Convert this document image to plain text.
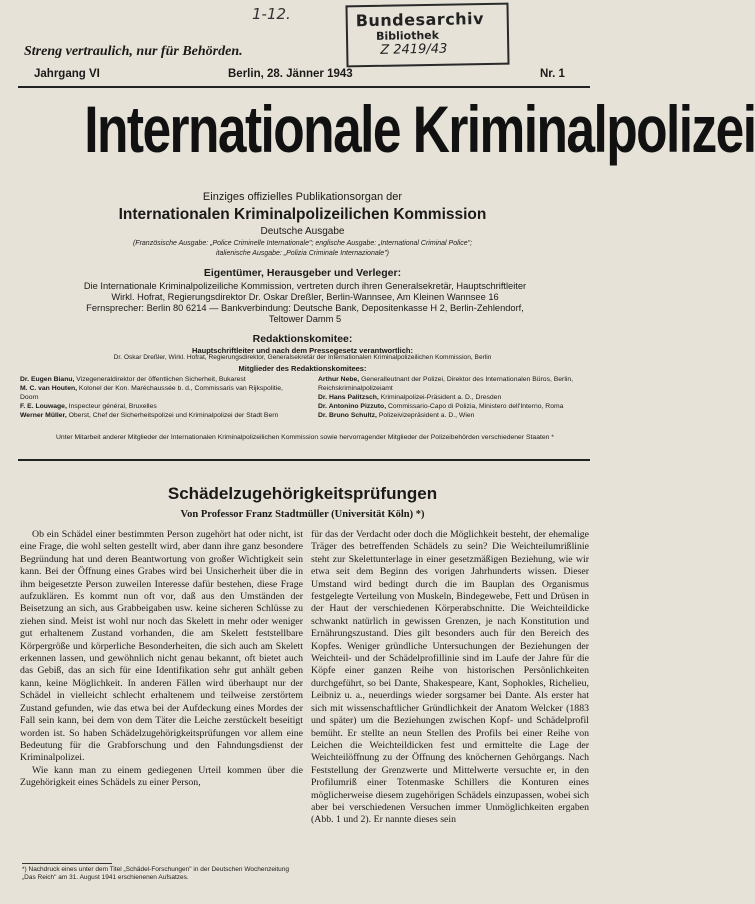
1-12.	Bundesarchiv
Bibliothek
Z 2419/43
Streng vertraulich, nur für Behörden.
Jahrgang VI	Berlin, 28. Jänner 1943	Nr. 1
Internationale Kriminalpolizei
Einziges offizielles Publikationsorgan der
Internationalen Kriminalpolizeilichen Kommission
Deutsche Ausgabe
(Französische Ausgabe: „Police Criminelle Internationale"; englische Ausgabe: „International Criminal Police";
italienische Ausgabe: „Polizia Criminale Internazionale")
Eigentümer, Herausgeber und Verleger:
Die Internationale Kriminalpolizeiliche Kommission, vertreten durch ihren Generalsekretär, Hauptschriftleiter
Wirkl. Hofrat, Regierungsdirektor Dr. Oskar Dreßler, Berlin-Wannsee, Am Kleinen Wannsee 16
Fernsprecher: Berlin 80 6214 — Bankverbindung: Deutsche Bank, Depositenkasse H 2, Berlin-Zehlendorf,
Teltower Damm 5
Redaktionskomitee:
Hauptschriftleiter und nach dem Pressegesetz verantwortlich:
Dr. Oskar Dreßler, Wirkl. Hofrat, Regierungsdirektor, Generalsekretär der Internationalen Kriminalpolizeilichen Kommission, Berlin
Mitglieder des Redaktionskomitees:
Dr. Eugen Bianu, Vizegeneraldirektor der öffentlichen Sicherheit, Bukarest
M. C. van Houten, Kolonel der Kon. Maréchaussée b. d., Commissaris van Rijkspolitie, Doorn
F. E. Louwage, Inspecteur général, Bruxelles
Werner Müller, Oberst, Chef der Sicherheitspolizei und Kriminalpolizei der Stadt Bern
Arthur Nebe, Generalleutnant der Polizei, Direktor des Internationalen Büros, Berlin, Reichskriminalpolizeiamt
Dr. Hans Palitzsch, Kriminalpolizei-Präsident a. D., Dresden
Dr. Antonino Pizzuto, Commissario-Capo di Polizia, Ministero dell'Interno, Roma
Dr. Bruno Schultz, Polizeivizepräsident a. D., Wien
Unter Mitarbeit anderer Mitglieder der Internationalen Kriminalpolizeilichen Kommission sowie hervorragender Mitglieder der Polizeibehörden verschiedener Staaten *
Schädelzugehörigkeitsprüfungen
Von Professor Franz Stadtmüller (Universität Köln) *)

Ob ein Schädel einer bestimmten Person zugehört hat oder nicht, ist eine Frage, die wohl selten gestellt wird, aber dann ihre ganz besondere Begründung hat und deren Beantwortung von großer Wichtigkeit sein kann. Bei der Öffnung eines Grabes wird bei Unsicherheit über die in ihm beigesetzte Person zuweilen Interesse dafür bestehen, diese Frage aufzuklären. Es kommt nun oft vor, daß aus den Umständen der Beisetzung an sich, aus Grabbeigaben usw. keine sicheren Schlüsse zu ziehen sind. Meist ist wohl nur noch das Skelett in mehr oder weniger gut erhaltenem Zustand vorhanden, die am Skelett feststellbare Körpergröße und körperliche Besonderheiten, die sich auch am Skelett erkennen lassen, und gewöhnlich nicht genau bekannt, oft bietet auch das Gebiß, das an sich für eine Identifikation sehr gut anhält geben kann, keine Möglichkeit. In anderen Fällen wird überhaupt nur der Schädel in vielleicht schlecht erhaltenem und teilweise zerstörtem Zustand gefunden, wie das etwa bei der Aufdeckung eines Mordes der Fall sein kann, bei dem von dem Täter die Leiche zerstückelt beseitigt worden ist. So haben Schädelzugehörigkeitsprüfungen vor allem eine Bedeutung für die Grabforschung und den Fahndungsdienst der Kriminalpolizei.

Wie kann man zu einem gediegenen Urteil kommen über die Zugehörigkeit eines Schädels zu einer Person,

für das der Verdacht oder doch die Möglichkeit besteht, der ehemalige Träger des betreffenden Schädels zu sein? Die Weichteilumrißlinie steht zur Skelettunterlage in einer gesetzmäßigen Beziehung, wie wir etwa seit dem Beginn des vorigen Jahrhunderts wissen. Dieser Umstand wird bedingt durch die im Bauplan des Organismus festgelegte Verteilung von Muskeln, Bindegewebe, Fett und Drüsen in der Haut der verschiedenen Körperabschnitte. Die Weichteildicke schwankt natürlich in gewissen Grenzen, je nach Konstitution und Ernährungszustand. Dies gilt besonders auch für den Bereich des Kopfes. Weniger gründliche Untersuchungen der Beziehungen der Weichteil- und der Schädelprofillinie sind im Laufe der Jahre für die Köpfe einer ganzen Reihe von historischen Persönlichkeiten durchgeführt, so bei Dante, Shakespeare, Kant, Sophokles, Richelieu, Leibniz u. a., neuerdings wieder sorgsamer bei Dante. Als erster hat sich mit wissenschaftlicher Gründlichkeit der Anatom Welcker (1883 und später) um die Beziehungen zwischen Kopf- und Schädelprofil bemüht. Er stellte an neun Stellen des Profils bei einer Reihe von Leichen die Weichteildicken fest und ermittelte die Lage der Weichteilöffnung zu der Öffnung des knöchernen Gehörgangs. Nach Feststellung der Grenzwerte und Mittelwerte versuchte er, in den Profilumriß einer Totenmaske Schillers die Konturen eines möglicherweise diesem zugehörigen Schädels einzupassen, wobei sich aber bei verschiedenen Versuchen immer Unmöglichkeiten ergaben (Abb. 1 und 2). Er nannte dieses sein

*) Nachdruck eines unter dem Titel „Schädel-Forschungen" in der Deutschen Wochenzeitung „Das Reich" am 31. August 1941 erschienenen Aufsatzes.
